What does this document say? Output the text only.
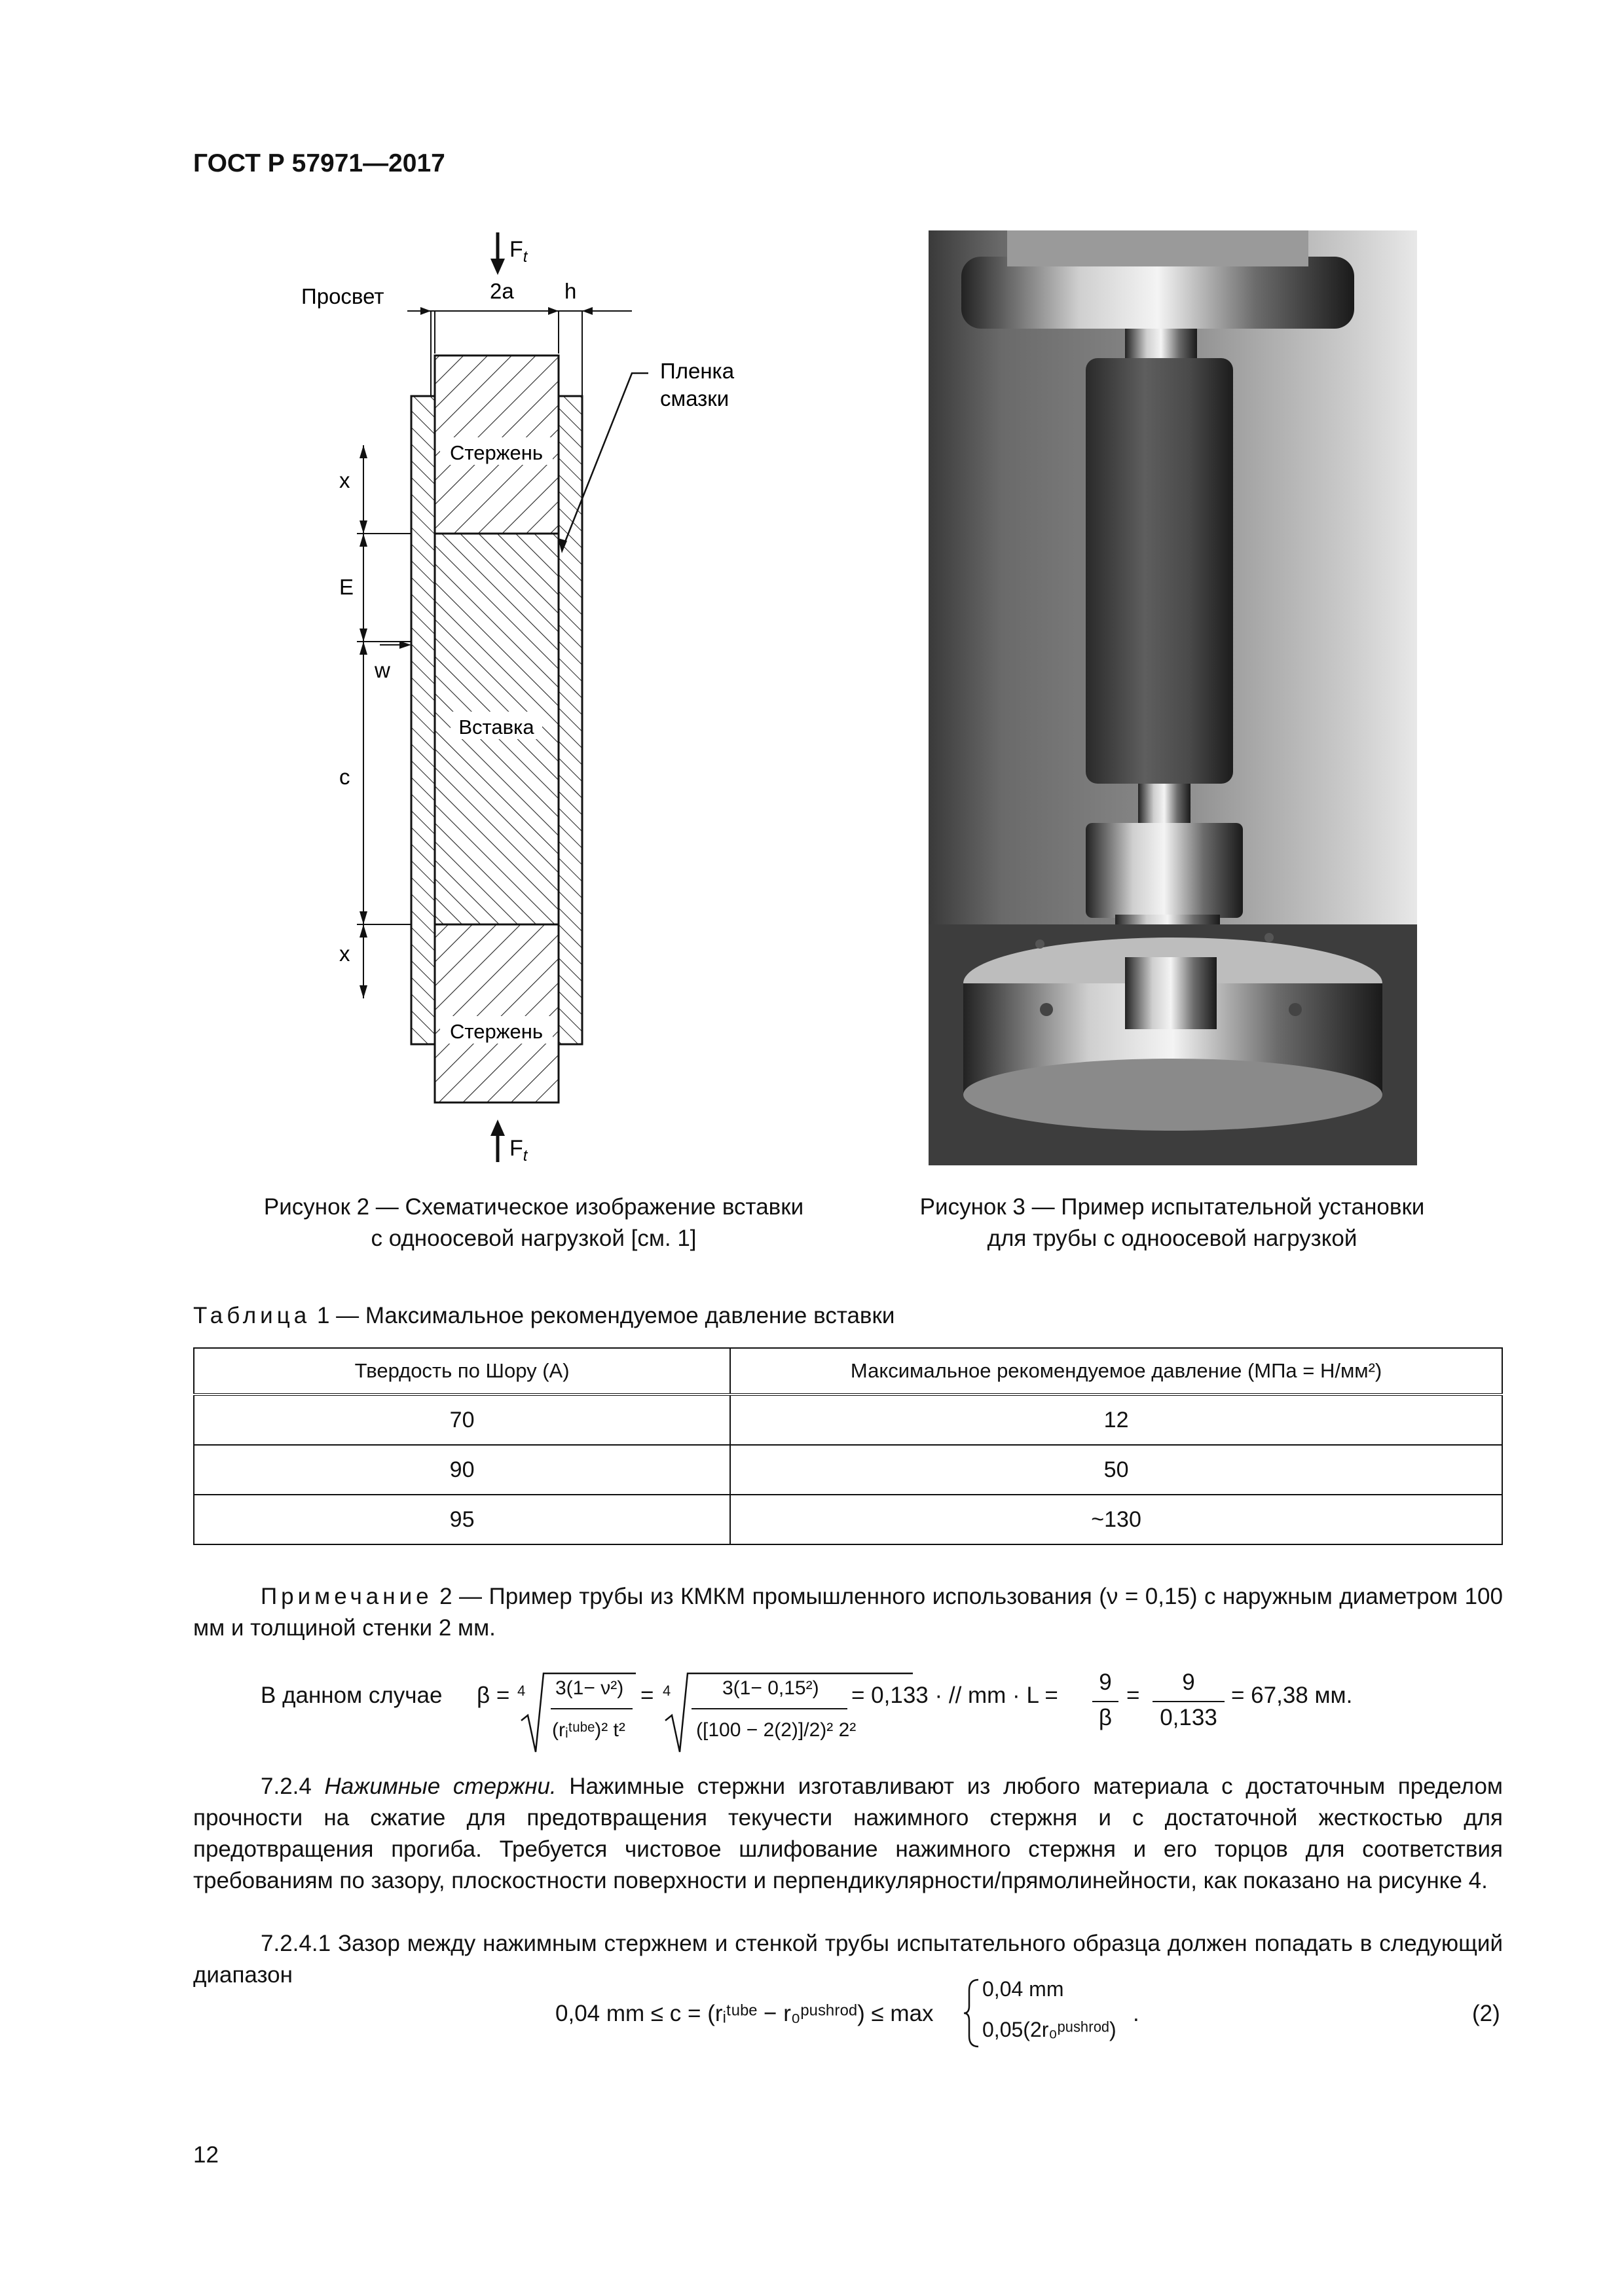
ГОСТ Р 57971—2017
Стержень
Вставка
Стержень
$F_t$
$F_t$
Просвет	2a h
Пленка
смазки
x
E
w
c
x
Рисунок 2 — Схематическое изображение вставки
с одноосевой нагрузкой [см. 1]
Рисунок 3 — Пример испытательной установки
для трубы с одноосевой нагрузкой
Таблица 1 — Максимальное рекомендуемое давление вставки
Твердость по Шору (A)	Максимальное рекомендуемое давление (МПа = Н/мм²)
70	12
90	50
95	~130
Примечание 2 — Пример трубы из КМКМ промышленного использования (ν = 0,15) с наружным диаметром 100 мм и толщиной стенки 2 мм.
В данном случае β = 4 3(1− ν²)
(rᵢᵗᵘᵇᵉ)² t²
= 4	3(1− 0,15²)
([100 − 2(2)]/2)² 2²
= 0,133 · // mm · L =
9
β
=
9
0,133
= 67,38 мм.
7.2.4 Нажимные стержни. Нажимные стержни изготавливают из любого материала с достаточным пределом прочности на сжатие для предотвращения текучести нажимного стержня и с достаточной жесткостью для предотвращения прогиба. Требуется чистовое шлифование нажимного стержня и его торцов для соответствия требованиям по зазору, плоскостности поверхности и перпендикулярности/прямолинейности, как показано на рисунке 4.
7.2.4.1 Зазор между нажимным стержнем и стенкой трубы испытательного образца должен попадать в следующий диапазон
0,04 mm ≤ c = (rᵢᵗᵘᵇᵉ − r₀ᵖᵘˢʰʳᵒᵈ) ≤ max
0,04 mm
0,05(2r₀ᵖᵘˢʰʳᵒᵈ)
.	(2)
12
